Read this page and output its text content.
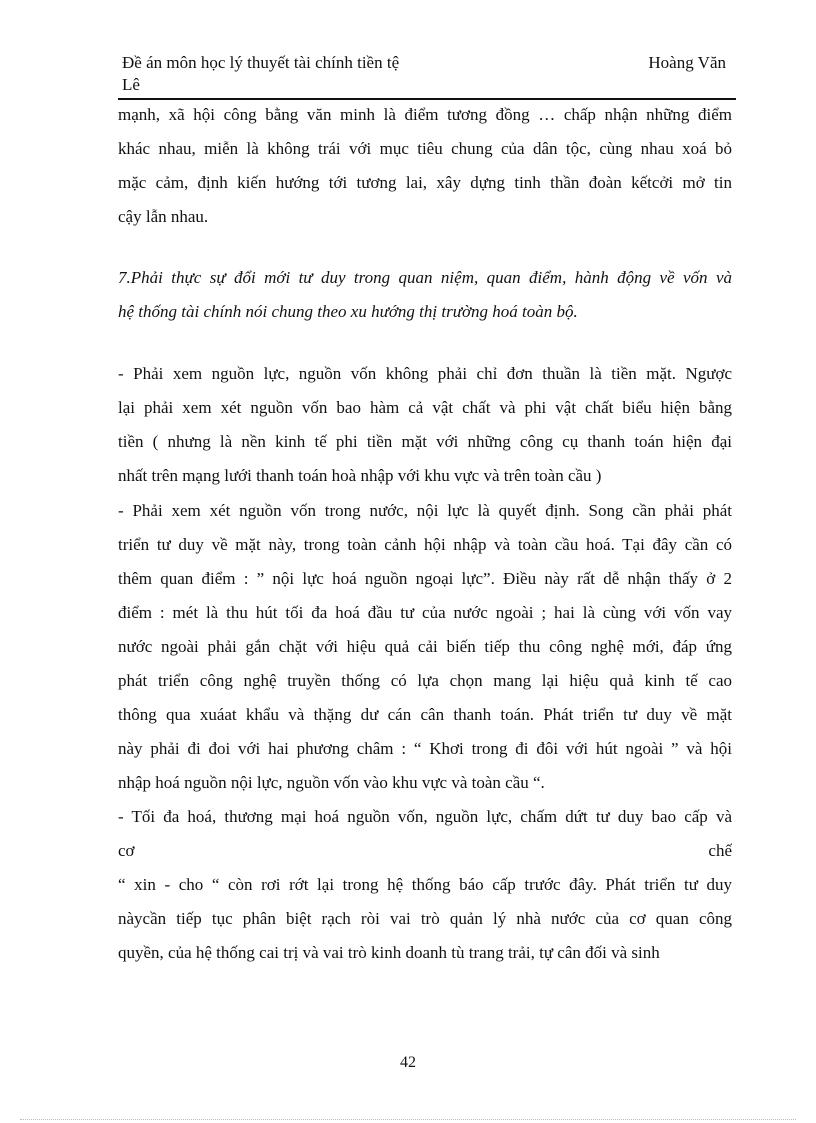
Đề án môn học lý thuyết tài chính tiền tệ	Hoàng Văn
Lê
mạnh, xã hội công bằng văn minh là điểm tương đồng … chấp nhận những điểm
khác nhau, miễn là không trái với mục tiêu chung của dân tộc, cùng nhau xoá bỏ
mặc cảm, định kiến hướng tới tương lai, xây dựng tinh thần đoàn kếtcởi mở tin
cậy lẫn nhau.
7.Phải thực sự đổi mới tư duy trong quan niệm, quan điểm, hành động về vốn và
hệ thống tài chính nói chung theo xu hướng thị trường hoá toàn bộ.
- Phải xem nguồn lực, nguồn vốn không phải chỉ đơn thuần là tiền mặt. Ngược
lại phải xem xét nguồn vốn bao hàm cả vật chất và phi vật chất biểu hiện bằng
tiền ( nhưng là nền kinh tế phi tiền mặt với những công cụ thanh toán hiện đại
nhất trên mạng lưới thanh toán hoà nhập với khu vực và trên toàn cầu )
- Phải xem xét nguồn vốn trong nước, nội lực là quyết định. Song cần phải phát
triển tư duy về mặt này, trong toàn cảnh hội nhập và toàn cầu hoá. Tại đây cần có
thêm quan điểm : ” nội lực hoá nguồn ngoại lực”. Điều này rất dễ nhận thấy ở 2
điểm : mét là thu hút tối đa hoá đầu tư của nước ngoài ; hai là cùng với vốn vay
nước ngoài phải gắn chặt với hiệu quả cải biến tiếp thu công nghệ mới, đáp ứng
phát triển công nghệ truyền thống có lựa chọn mang lại hiệu quả kinh tế cao
thông qua xuáat khẩu và thặng dư cán cân thanh toán. Phát triển tư duy về mặt
này phải đi đoi với hai phương châm : “ Khơi trong đi đôi với hút ngoài ” và hội
nhập hoá nguồn nội lực, nguồn vốn vào khu vực và toàn cầu “.
- Tối đa hoá, thương mại hoá nguồn vốn, nguồn lực, chấm dứt tư duy bao cấp và
cơ	chế
“ xin - cho “ còn rơi rớt lại trong hệ thống báo cấp trước đây. Phát triển tư duy
nàycần tiếp tục phân biệt rạch ròi vai trò quản lý nhà nước của cơ quan công
quyền, của hệ thống cai trị và vai trò kinh doanh tù trang trải, tự cân đối và sinh
42
